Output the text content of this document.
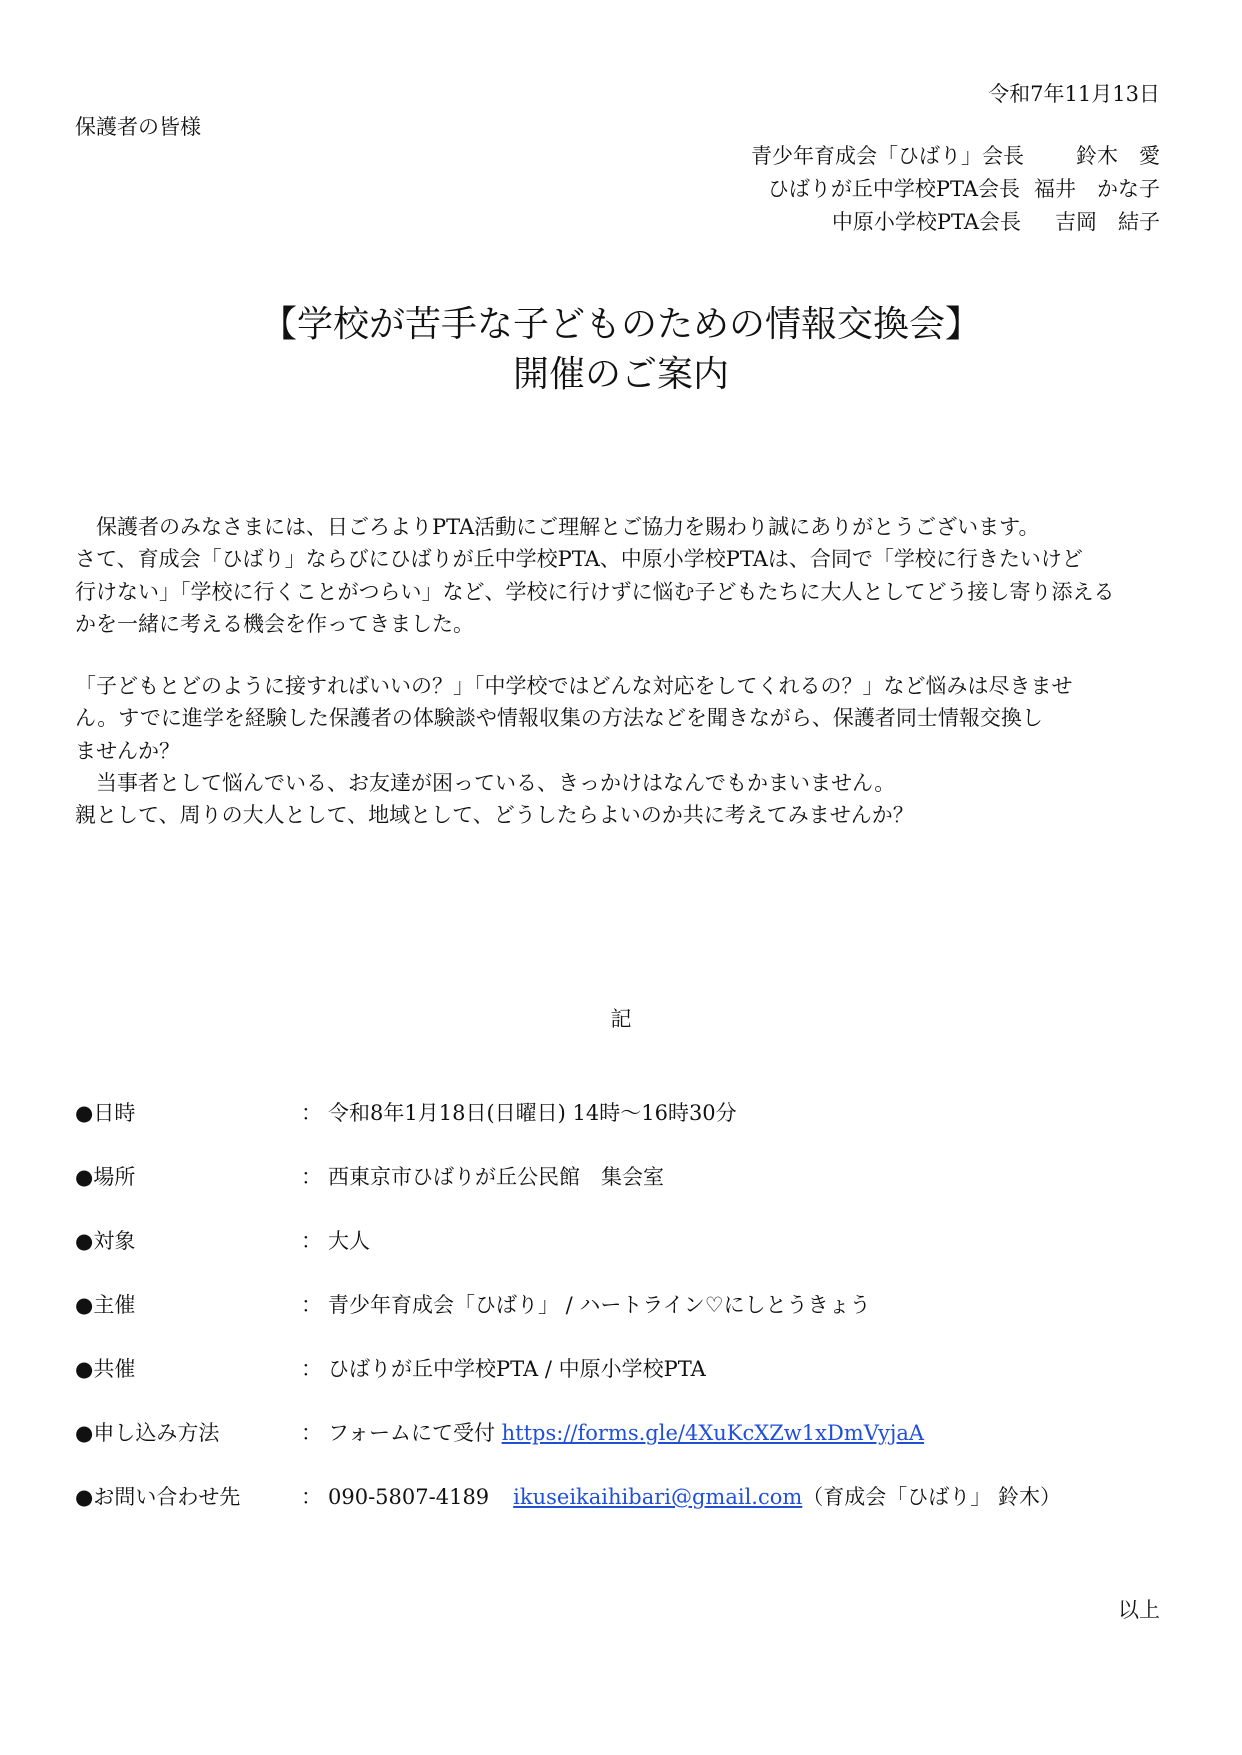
令和7年11月13日
保護者の皆様
青少年育成会「ひばり」会長 鈴木　愛
ひばりが丘中学校PTA会長 福井　かな子
中原小学校PTA会長 吉岡　結子
【学校が苦手な子どものための情報交換会】
開催のご案内

　保護者のみなさまには、日ごろよりPTA活動にご理解とご協力を賜わり誠にありがとうございます。

さて、育成会「ひばり」ならびにひばりが丘中学校PTA、中原小学校PTAは、合同で「学校に行きたいけど

行けない」「学校に行くことがつらい」など、学校に行けずに悩む子どもたちに大人としてどう接し寄り添える

かを一緒に考える機会を作ってきました。

「子どもとどのように接すればいいの？」「中学校ではどんな対応をしてくれるの？」など悩みは尽きませ

ん。すでに進学を経験した保護者の体験談や情報収集の方法などを聞きながら、保護者同士情報交換し

ませんか？

　当事者として悩んでいる、お友達が困っている、きっかけはなんでもかまいません。

親として、周りの大人として、地域として、どうしたらよいのか共に考えてみませんか？

記
●日時	： 令和8年1月18日(日曜日) 14時～16時30分
●場所	： 西東京市ひばりが丘公民館　集会室
●対象	： 大人
●主催	： 青少年育成会「ひばり」 / ハートライン♡にしとうきょう
●共催	： ひばりが丘中学校PTA / 中原小学校PTA
●申し込み方法	： フォームにて受付 https://forms.gle/4XuKcXZw1xDmVyjaA
●お問い合わせ先	： 090-5807-4189 ikuseikaihibari@gmail.com（育成会「ひばり」 鈴木）
以上
